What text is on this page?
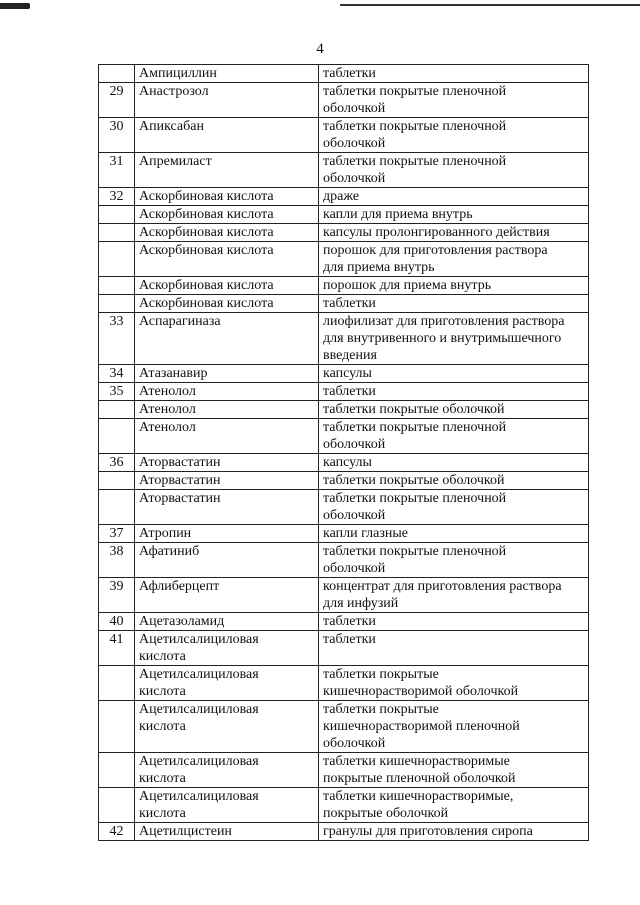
4
	Ампициллин	таблетки
29	Анастрозол	таблетки покрытые пленочной
оболочкой
30	Апиксабан	таблетки покрытые пленочной
оболочкой
31	Апремиласт	таблетки покрытые пленочной
оболочкой
32	Аскорбиновая кислота	драже
	Аскорбиновая кислота	капли для приема внутрь
	Аскорбиновая кислота	капсулы пролонгированного действия
	Аскорбиновая кислота	порошок для приготовления раствора
для приема внутрь
	Аскорбиновая кислота	порошок для приема внутрь
	Аскорбиновая кислота	таблетки
33	Аспарагиназа	лиофилизат для приготовления раствора
для внутривенного и внутримышечного
введения
34	Атазанавир	капсулы
35	Атенолол	таблетки
	Атенолол	таблетки покрытые оболочкой
	Атенолол	таблетки покрытые пленочной
оболочкой
36	Аторвастатин	капсулы
	Аторвастатин	таблетки покрытые оболочкой
	Аторвастатин	таблетки покрытые пленочной
оболочкой
37	Атропин	капли глазные
38	Афатиниб	таблетки покрытые пленочной
оболочкой
39	Афлиберцепт	концентрат для приготовления раствора
для инфузий
40	Ацетазоламид	таблетки
41	Ацетилсалициловая
кислота	таблетки
	Ацетилсалициловая
кислота	таблетки покрытые
кишечнорастворимой оболочкой
	Ацетилсалициловая
кислота	таблетки покрытые
кишечнорастворимой пленочной
оболочкой
	Ацетилсалициловая
кислота	таблетки кишечнорастворимые
покрытые пленочной оболочкой
	Ацетилсалициловая
кислота	таблетки кишечнорастворимые,
покрытые оболочкой
42	Ацетилцистеин	гранулы для приготовления сиропа
